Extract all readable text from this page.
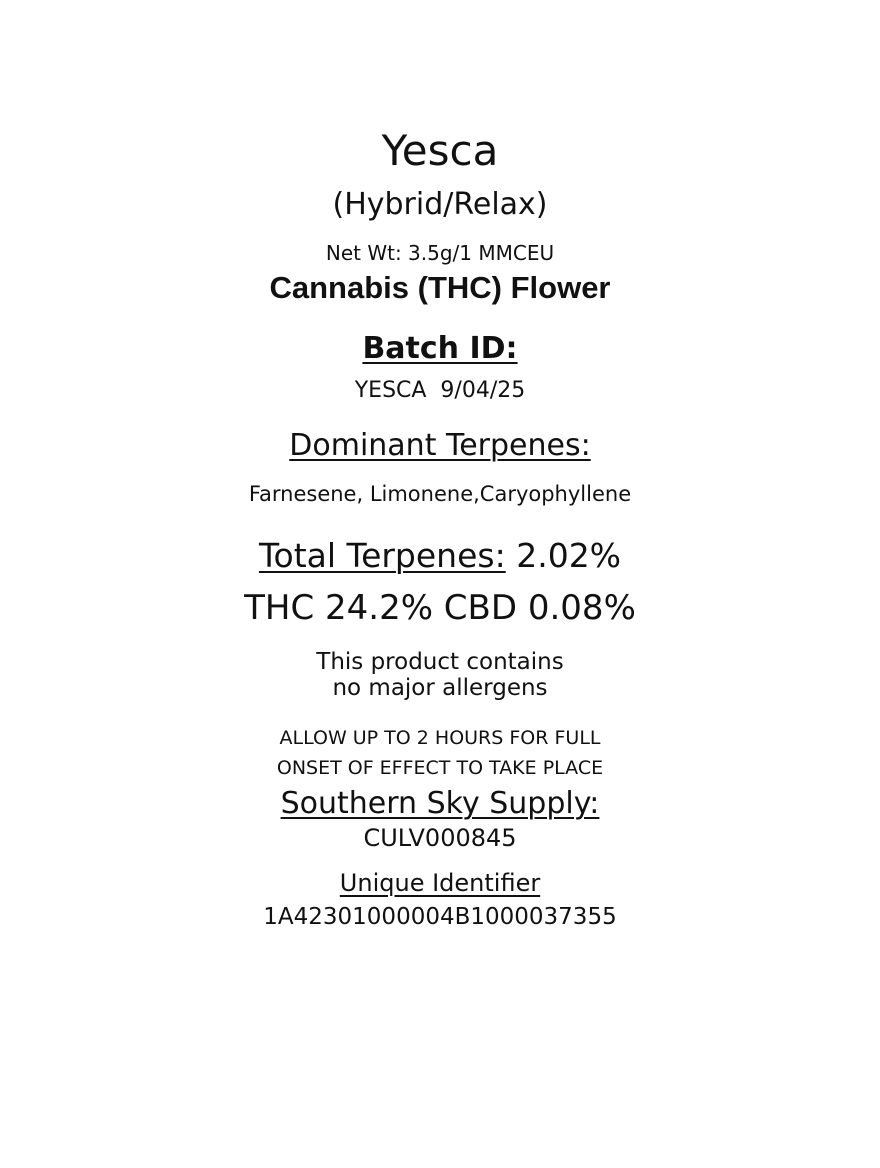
Yesca
(Hybrid/Relax)
Net Wt: 3.5g/1 MMCEU
Cannabis (THC) Flower
Batch ID:
YESCA  9/04/25
Dominant Terpenes:
Farnesene, Limonene,Caryophyllene
Total Terpenes: 2.02%
THC 24.2% CBD 0.08%
This product contains
no major allergens
ALLOW UP TO 2 HOURS FOR FULL
ONSET OF EFFECT TO TAKE PLACE
Southern Sky Supply:
CULV000845
Unique Identifier
1A42301000004B1000037355
